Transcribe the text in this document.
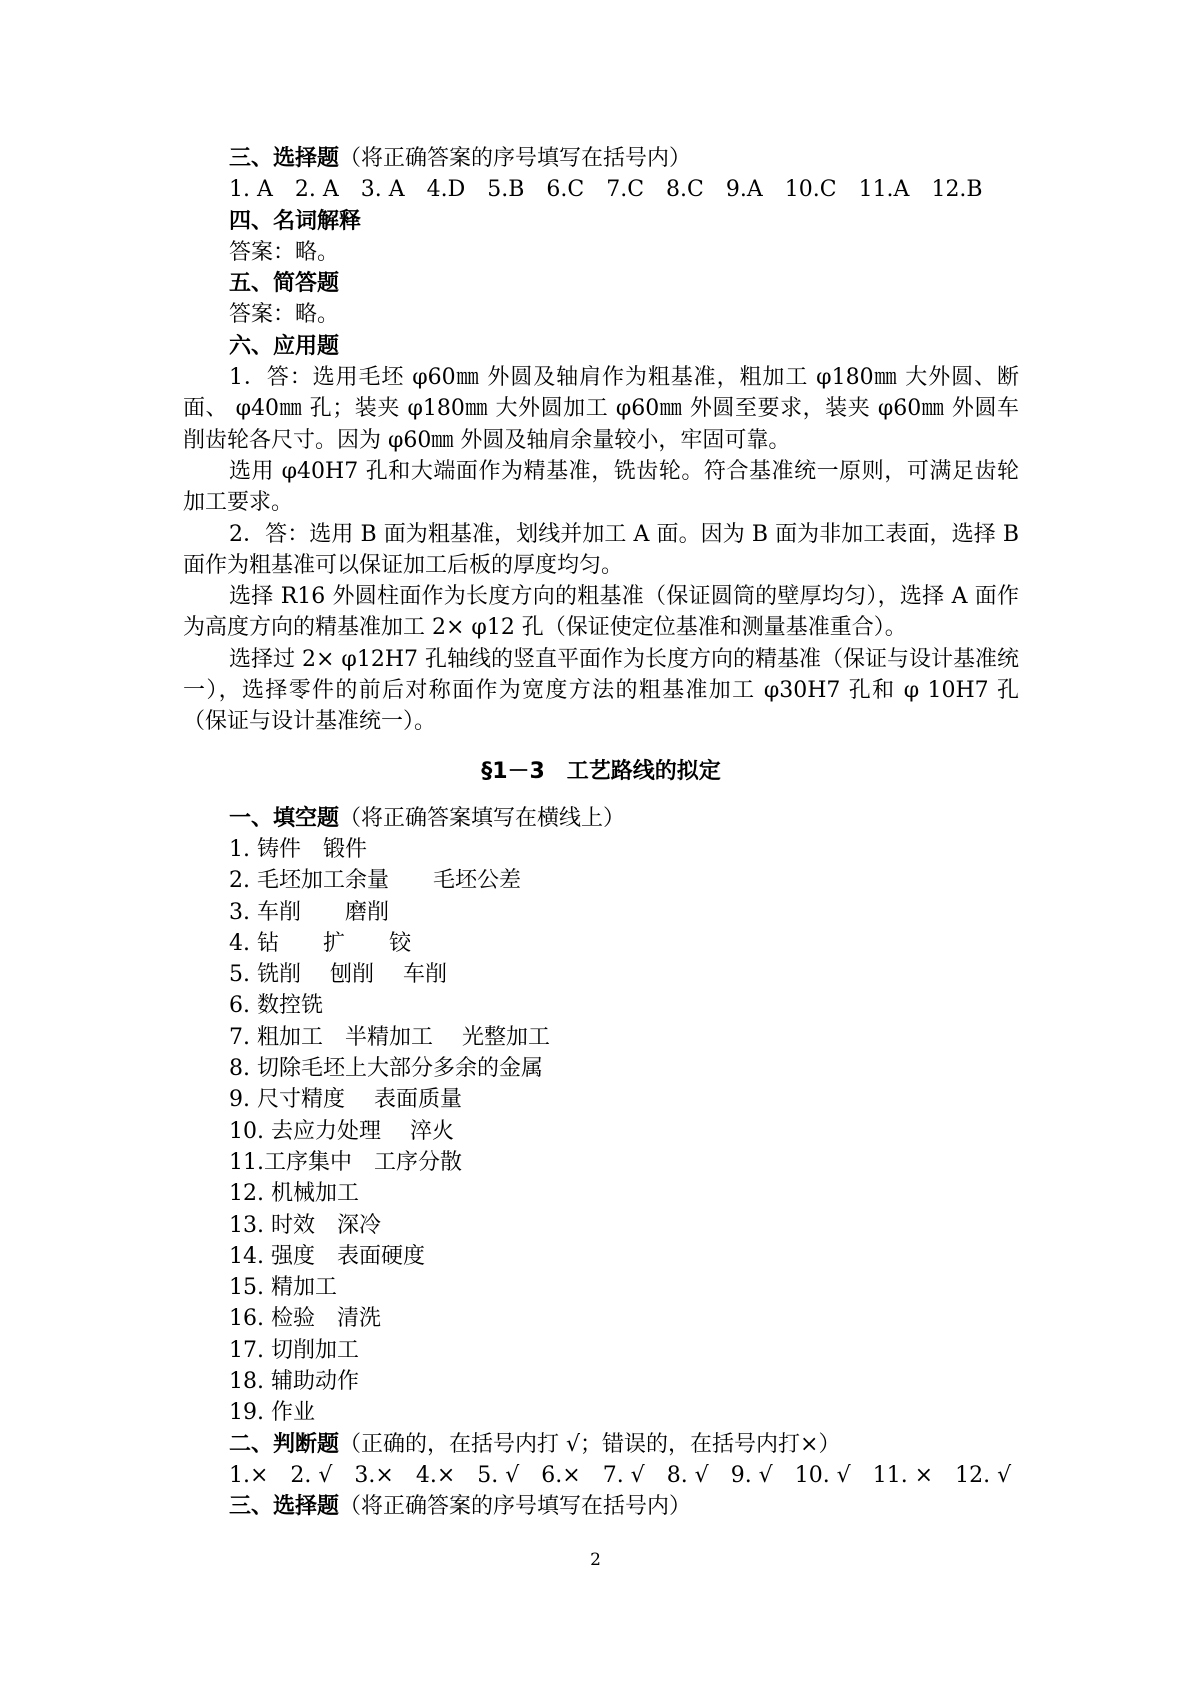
三、选择题（将正确答案的序号填写在括号内）

1. A　2. A　3. A　4.D　5.B　6.C　7.C　8.C　9.A　10.C　11.A　12.B

四、名词解释

答案：略。

五、简答题

答案：略。

六、应用题

1．答：选用毛坯 φ60㎜ 外圆及轴肩作为粗基准，粗加工 φ180㎜ 大外圆、断面、 φ40㎜ 孔；装夹 φ180㎜ 大外圆加工 φ60㎜ 外圆至要求，装夹 φ60㎜ 外圆车削齿轮各尺寸。因为 φ60㎜ 外圆及轴肩余量较小，牢固可靠。

选用 φ40H7 孔和大端面作为精基准，铣齿轮。符合基准统一原则，可满足齿轮加工要求。

2．答：选用 B 面为粗基准，划线并加工 A 面。因为 B 面为非加工表面，选择 B 面作为粗基准可以保证加工后板的厚度均匀。

选择 R16 外圆柱面作为长度方向的粗基准（保证圆筒的壁厚均匀），选择 A 面作为高度方向的精基准加工 2× φ12 孔（保证使定位基准和测量基准重合）。

选择过 2× φ12H7 孔轴线的竖直平面作为长度方向的精基准（保证与设计基准统一），选择零件的前后对称面作为宽度方法的粗基准加工 φ30H7 孔和 φ 10H7 孔（保证与设计基准统一）。

§1－3　工艺路线的拟定

一、填空题（将正确答案填写在横线上）

1. 铸件　锻件

2. 毛坯加工余量　　毛坯公差

3. 车削　　磨削

4. 钻　　扩　　铰

5. 铣削　 刨削　 车削

6. 数控铣

7. 粗加工　半精加工　 光整加工

8. 切除毛坯上大部分多余的金属

9. 尺寸精度　 表面质量

10. 去应力处理　 淬火

11.工序集中　工序分散

12. 机械加工

13. 时效　深冷

14. 强度　表面硬度

15. 精加工

16. 检验　清洗

17. 切削加工

18. 辅助动作

19. 作业

二、判断题（正确的，在括号内打 √；错误的，在括号内打×）

1.×　2. √　3.×　4.×　5. √　6.×　7. √　8. √　9. √　10. √　11. ×　12. √

三、选择题（将正确答案的序号填写在括号内）

2
